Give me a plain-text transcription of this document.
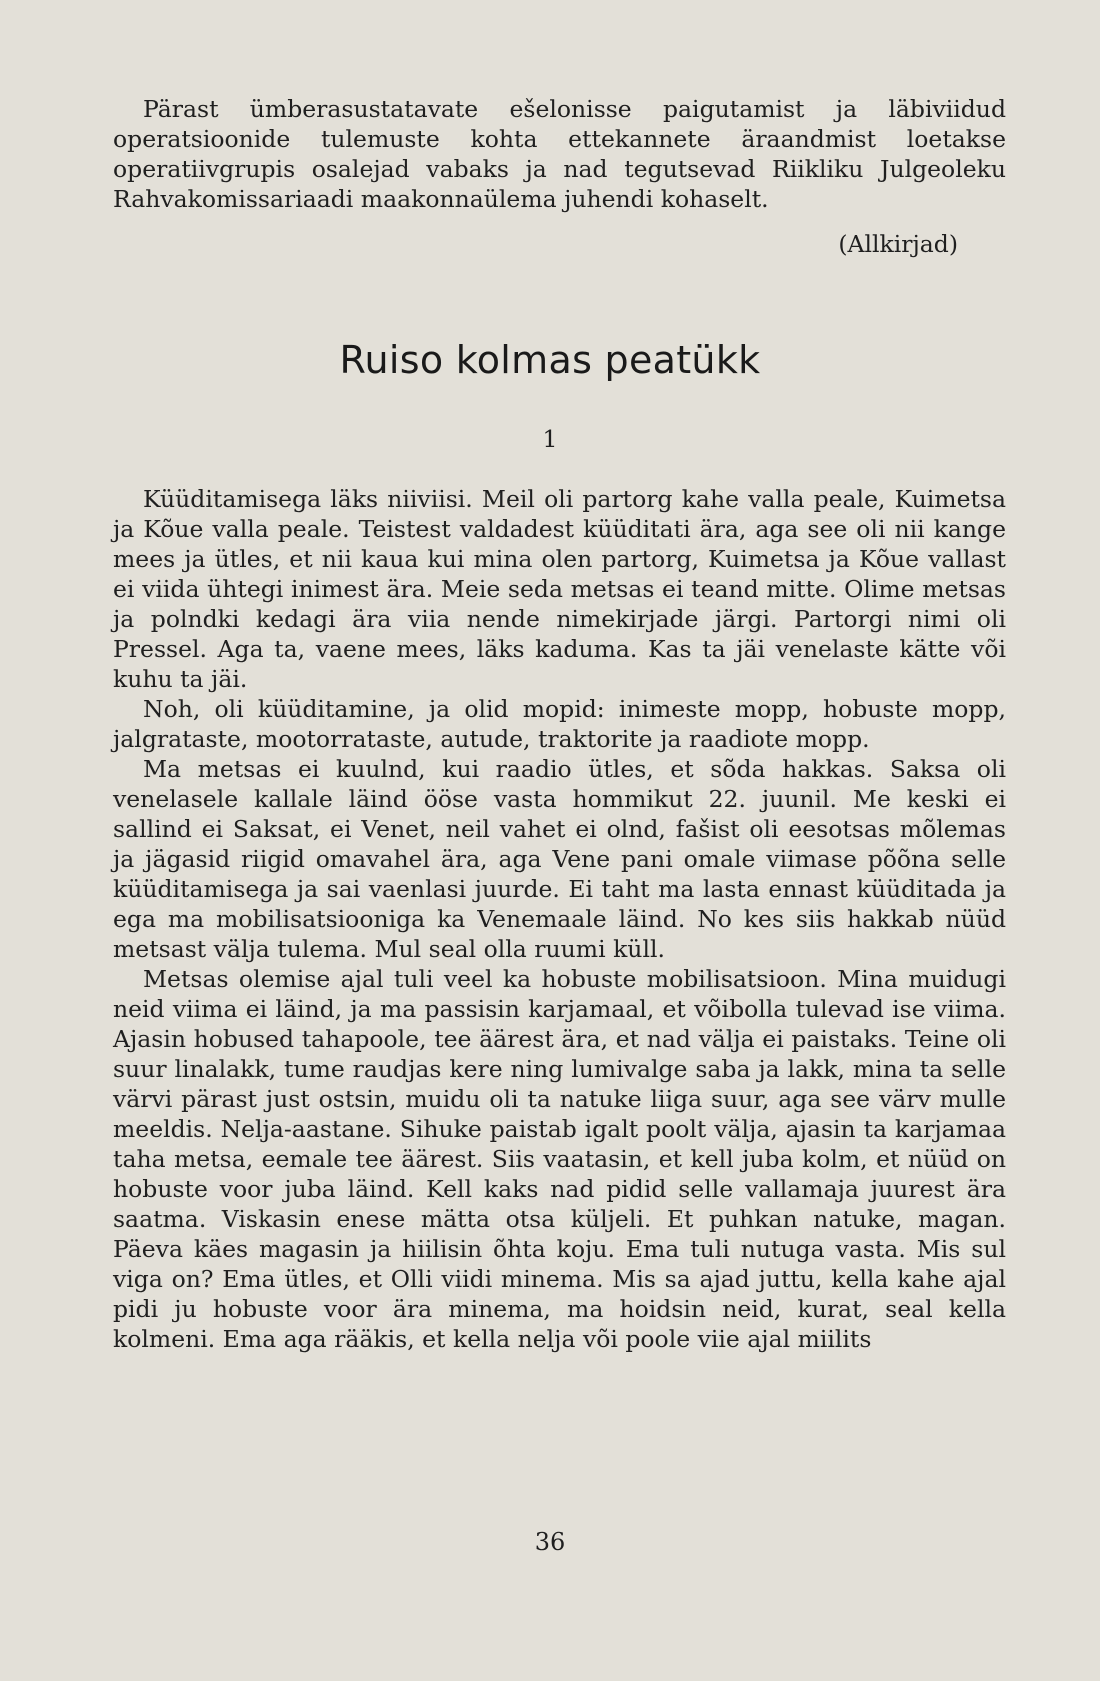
Pärast ümberasustatavate ešelonisse paigutamist ja läbiviidud operatsioonide tulemuste kohta ettekannete äraandmist loetakse operatiivgrupis osalejad vabaks ja nad tegutsevad Riikliku Julgeoleku Rahvakomissariaadi maakonnaülema juhendi kohaselt.

(Allkirjad)
Ruiso kolmas peatükk
1

Küüditamisega läks niiviisi. Meil oli partorg kahe valla peale, Kuimetsa ja Kõue valla peale. Teistest valdadest küüditati ära, aga see oli nii kange mees ja ütles, et nii kaua kui mina olen partorg, Kuimetsa ja Kõue vallast ei viida ühtegi inimest ära. Meie seda metsas ei teand mitte. Olime metsas ja polndki kedagi ära viia nende nimekirjade järgi. Partorgi nimi oli Pressel. Aga ta, vaene mees, läks kaduma. Kas ta jäi venelaste kätte või kuhu ta jäi.

Noh, oli küüditamine, ja olid mopid: inimeste mopp, hobuste mopp, jalgrataste, mootorrataste, autude, traktorite ja raadiote mopp.

Ma metsas ei kuulnd, kui raadio ütles, et sõda hakkas. Saksa oli venelasele kallale läind ööse vasta hommikut 22. juunil. Me keski ei sallind ei Saksat, ei Venet, neil vahet ei olnd, fašist oli eesotsas mõlemas ja jägasid riigid omavahel ära, aga Vene pani omale viimase põõna selle küüditamisega ja sai vaenlasi juurde. Ei taht ma lasta ennast küüditada ja ega ma mobilisatsiooniga ka Venemaale läind. No kes siis hakkab nüüd metsast välja tulema. Mul seal olla ruumi küll.

Metsas olemise ajal tuli veel ka hobuste mobilisatsioon. Mina muidugi neid viima ei läind, ja ma passisin karjamaal, et võibolla tulevad ise viima. Ajasin hobused tahapoole, tee äärest ära, et nad välja ei paistaks. Teine oli suur linalakk, tume raudjas kere ning lumivalge saba ja lakk, mina ta selle värvi pärast just ostsin, muidu oli ta natuke liiga suur, aga see värv mulle meeldis. Nelja-aastane. Sihuke paistab igalt poolt välja, ajasin ta karjamaa taha metsa, eemale tee äärest. Siis vaatasin, et kell juba kolm, et nüüd on hobuste voor juba läind. Kell kaks nad pidid selle vallamaja juurest ära saatma. Viskasin enese mätta otsa küljeli. Et puhkan natuke, magan. Päeva käes magasin ja hiilisin õhta koju. Ema tuli nutuga vasta. Mis sul viga on? Ema ütles, et Olli viidi minema. Mis sa ajad juttu, kella kahe ajal pidi ju hobuste voor ära minema, ma hoidsin neid, kurat, seal kella kolmeni. Ema aga rääkis, et kella nelja või poole viie ajal miilits

36
